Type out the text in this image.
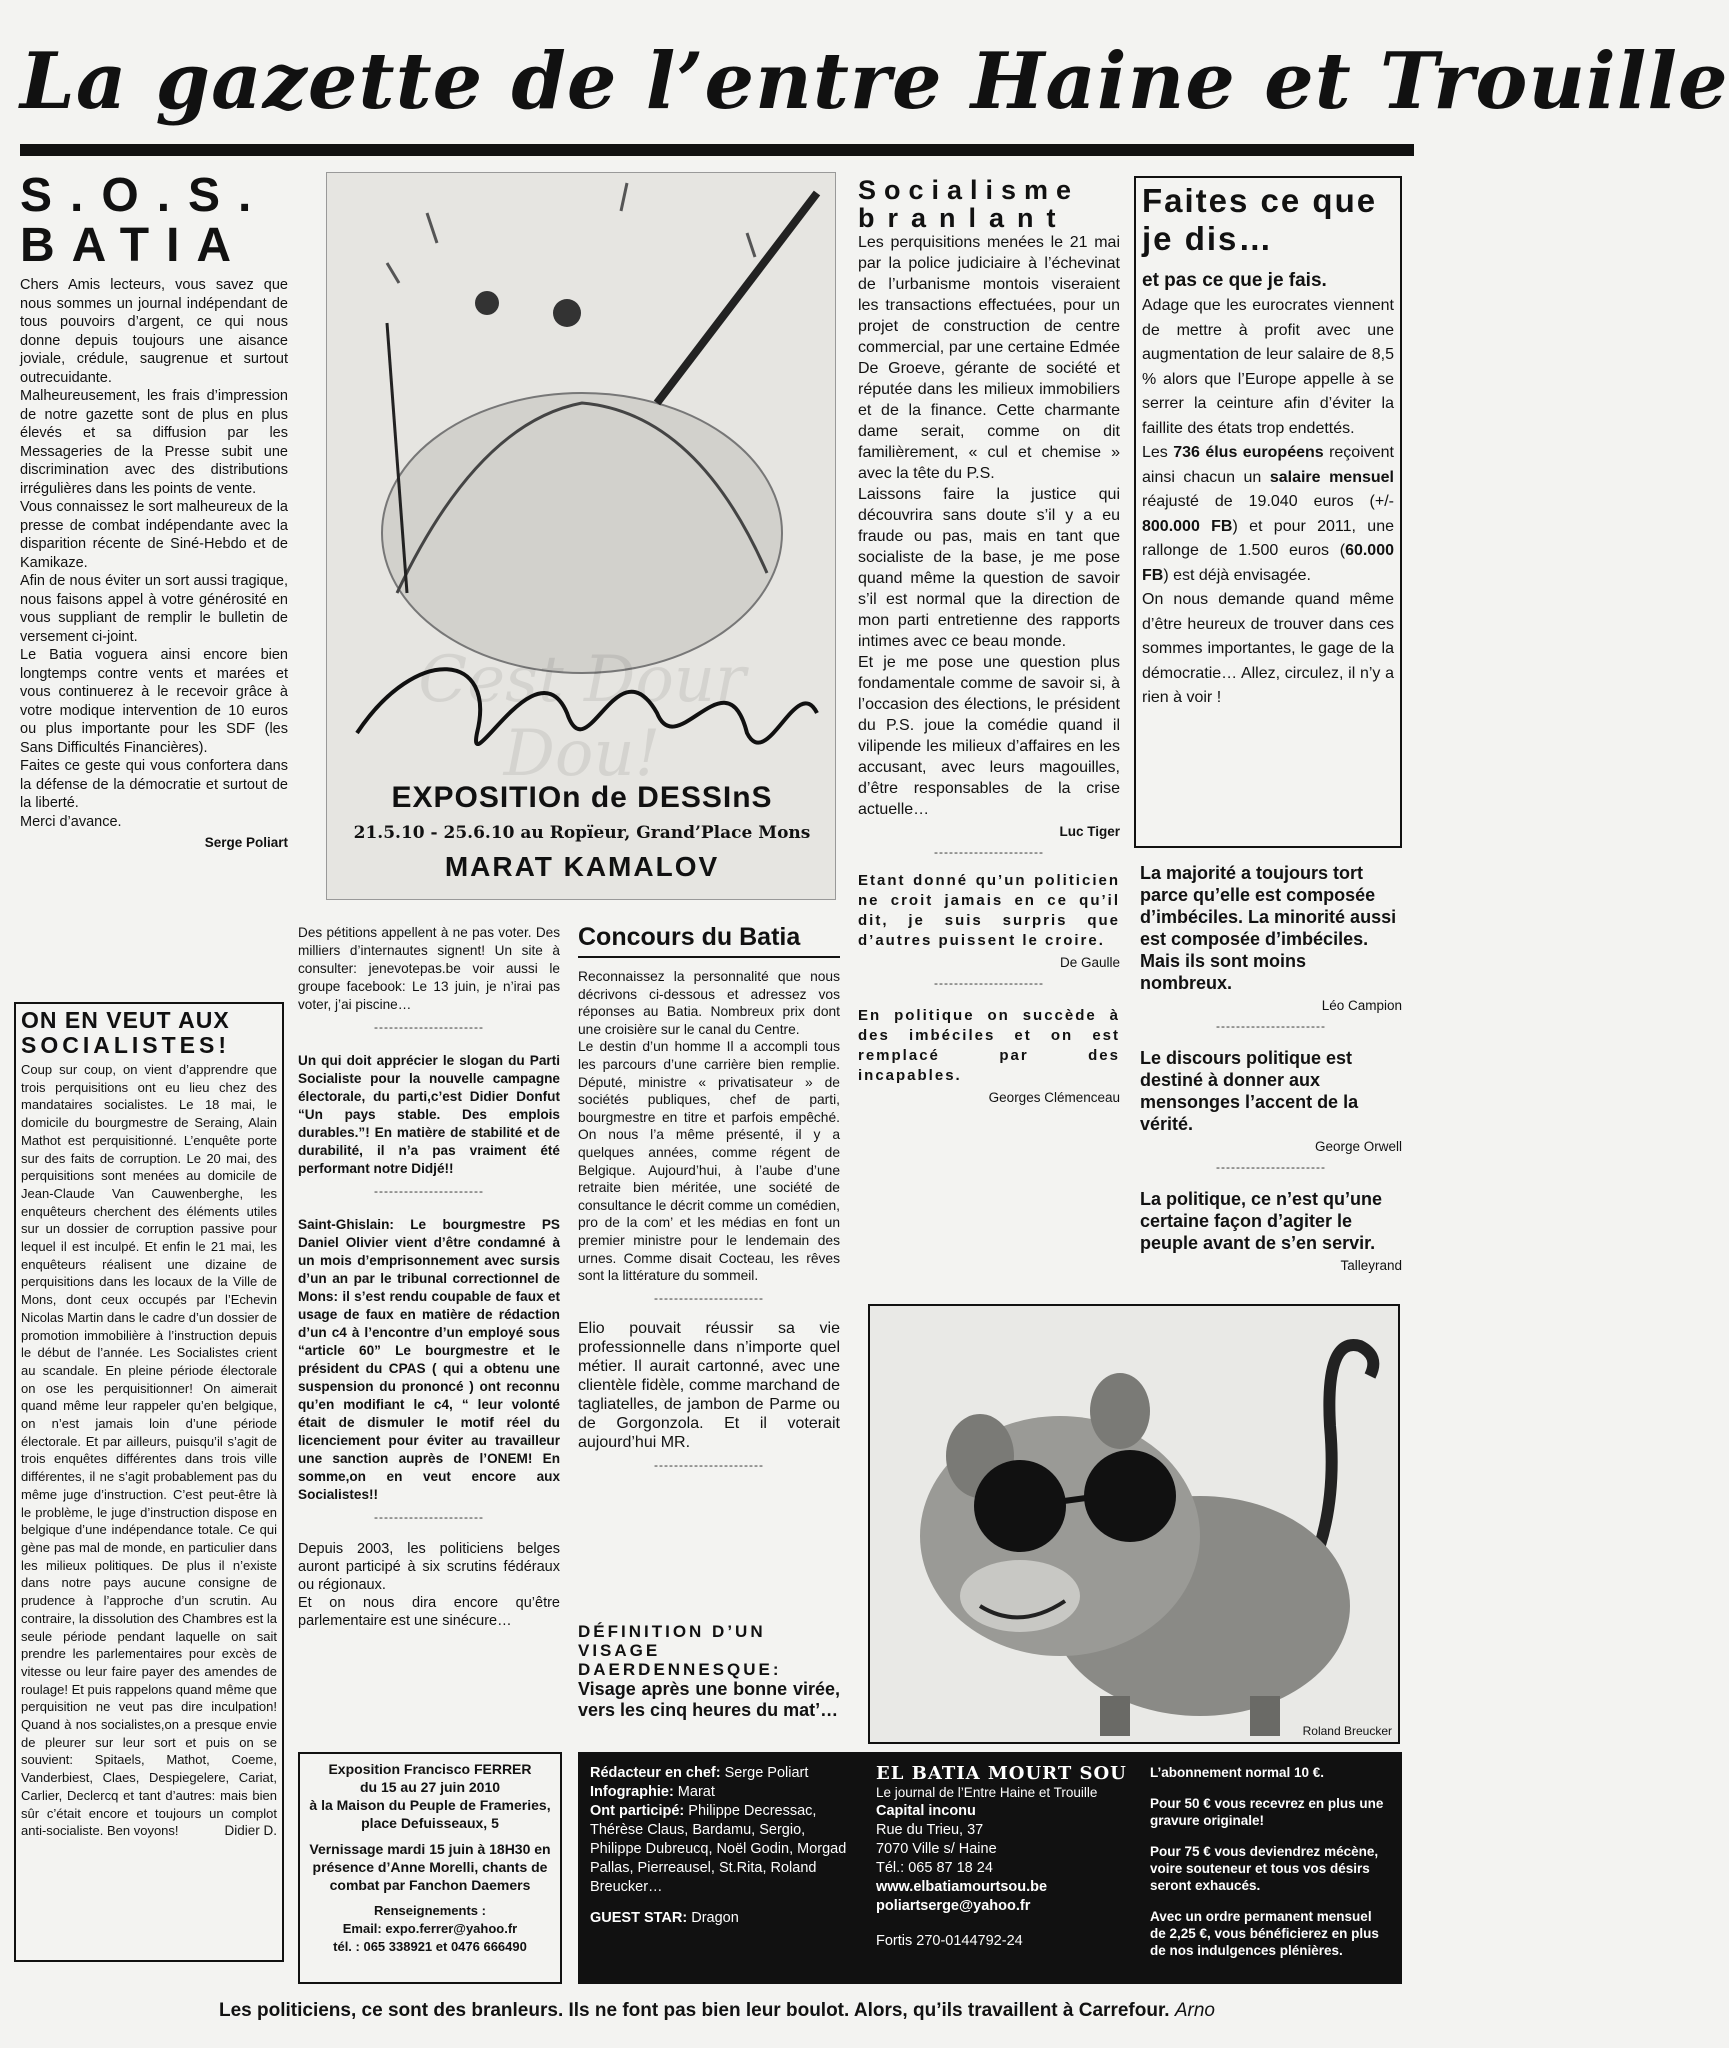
La gazette de l’entre Haine et Trouille
S.O.S.
BATIA

Chers Amis lecteurs, vous savez que nous sommes un journal indépendant de tous pouvoirs d’argent, ce qui nous donne depuis toujours une aisance joviale, crédule, saugrenue et surtout outrecuidante.

Malheureusement, les frais d’impression de notre gazette sont de plus en plus élevés et sa diffusion par les Messageries de la Presse subit une discrimination avec des distributions irrégulières dans les points de vente.

Vous connaissez le sort malheureux de la presse de combat indépendante avec la disparition récente de Siné-Hebdo et de Kamikaze.

Afin de nous éviter un sort aussi tragique, nous faisons appel à votre générosité en vous suppliant de remplir le bulletin de versement ci-joint.

Le Batia voguera ainsi encore bien longtemps contre vents et marées et vous continuerez à le recevoir grâce à votre modique intervention de 10 euros ou plus importante pour les SDF (les Sans Difficultés Financières).

Faites ce geste qui vous confortera dans la défense de la démocratie et surtout de la liberté.

Merci d’avance.

Serge Poliart
ON EN VEUT AUX
SOCIALISTES!

Coup sur coup, on vient d’apprendre que trois perquisitions ont eu lieu chez des mandataires socialistes. Le 18 mai, le domicile du bourgmestre de Seraing, Alain Mathot est perquisitionné. L’enquête porte sur des faits de corruption. Le 20 mai, des perquisitions sont menées au domicile de Jean-Claude Van Cauwenberghe, les enquêteurs cherchent des éléments utiles sur un dossier de corruption passive pour lequel il est inculpé. Et enfin le 21 mai, les enquêteurs réalisent une dizaine de perquisitions dans les locaux de la Ville de Mons, dont ceux occupés par l’Echevin Nicolas Martin dans le cadre d’un dossier de promotion immobilière à l’instruction depuis le début de l’année. Les Socialistes crient au scandale. En pleine période électorale on ose les perquisitionner! On aimerait quand même leur rappeler qu’en belgique, on n’est jamais loin d’une période électorale. Et par ailleurs, puisqu’il s’agit de trois enquêtes différentes dans trois ville différentes, il ne s’agit probablement pas du même juge d’instruction. C’est peut-être là le problème, le juge d’instruction dispose en belgique d’une indépendance totale. Ce qui gène pas mal de monde, en particulier dans les milieux politiques. De plus il n’existe dans notre pays aucune consigne de prudence à l’approche d’un scrutin. Au contraire, la dissolution des Chambres est la seule période pendant laquelle on sait prendre les parlementaires pour excès de vitesse ou leur faire payer des amendes de roulage! Et puis rappelons quand même que perquisition ne veut pas dire inculpation! Quand à nos socialistes,on a presque envie de pleurer sur leur sort et puis on se souvient: Spitaels, Mathot, Coeme, Vanderbiest, Claes, Despiegelere, Cariat, Carlier, Declercq et tant d’autres: mais bien sûr c’était encore et toujours un complot anti-socialiste. Ben voyons!	Didier D.
Cest Dour Dou!
EXPOSITIOn de DESSInS
21.5.10 - 25.6.10 au Ropïeur, Grand’Place Mons
MARAT KAMALOV

Des pétitions appellent à ne pas voter. Des milliers d’internautes signent! Un site à consulter: jenevotepas.be voir aussi le groupe facebook: Le 13 juin, je n’irai pas voter, j’ai piscine…

----------------------

Un qui doit apprécier le slogan du Parti Socialiste pour la nouvelle campagne électorale, du parti,c’est Didier Donfut “Un pays stable. Des emplois durables.”! En matière de stabilité et de durabilité, il n’a pas vraiment été performant notre Didjé!!

----------------------

Saint-Ghislain: Le bourgmestre PS Daniel Olivier vient d’être condamné à un mois d’emprisonnement avec sursis d’un an par le tribunal correctionnel de Mons: il s’est rendu coupable de faux et usage de faux en matière de rédaction d’un c4 à l’encontre d’un employé sous “article 60” Le bourgmestre et le président du CPAS ( qui a obtenu une suspension du prononcé ) ont reconnu qu’en modifiant le c4, “ leur volonté était de dismuler le motif réel du licenciement pour éviter au travailleur une sanction auprès de l’ONEM! En somme,on en veut encore aux Socialistes!!

----------------------

Depuis 2003, les politiciens belges auront participé à six scrutins fédéraux ou régionaux.

Et on nous dira encore qu’être parlementaire est une sinécure…

Exposition Francisco FERRER
du 15 au 27 juin 2010
à la Maison du Peuple de Frameries, place Defuisseaux, 5
Vernissage mardi 15 juin à 18H30 en présence d’Anne Morelli, chants de combat par Fanchon Daemers
Renseignements :
Email: expo.ferrer@yahoo.fr
tél. : 065 338921 et 0476 666490
Concours du Batia

Reconnaissez la personnalité que nous décrivons ci-dessous et adressez vos réponses au Batia. Nombreux prix dont une croisière sur le canal du Centre.

Le destin d’un homme Il a accompli tous les parcours d’une carrière bien remplie. Député, ministre « privatisateur » de sociétés publiques, chef de parti, bourgmestre en titre et parfois empêché. On nous l’a même présenté, il y a quelques années, comme régent de Belgique. Aujourd’hui, à l’aube d’une retraite bien méritée, une société de consultance le décrit comme un comédien, pro de la com’ et les médias en font un premier ministre pour le lendemain des urnes. Comme disait Cocteau, les rêves sont la littérature du sommeil.

----------------------

Elio pouvait réussir sa vie professionnelle dans n’importe quel métier. Il aurait cartonné, avec une clientèle fidèle, comme marchand de tagliatelles, de jambon de Parme ou de Gorgonzola. Et il voterait aujourd’hui MR.

----------------------
DÉFINITION D’UN VISAGE DAERDENNESQUE:
Visage après une bonne virée, vers les cinq heures du mat’…
Socialisme
branlant

Les perquisitions menées le 21 mai par la police judiciaire à l’échevinat de l’urbanisme montois viseraient les transactions effectuées, pour un projet de construction de centre commercial, par une certaine Edmée De Groeve, gérante de société et réputée dans les milieux immobiliers et de la finance. Cette charmante dame serait, comme on dit familièrement, « cul et chemise » avec la tête du P.S.

Laissons faire la justice qui découvrira sans doute s’il y a eu fraude ou pas, mais en tant que socialiste de la base, je me pose quand même la question de savoir s’il est normal que la direction de mon parti entretienne des rapports intimes avec ce beau monde.

Et je me pose une question plus fondamentale comme de savoir si, à l’occasion des élections, le président du P.S. joue la comédie quand il vilipende les milieux d’affaires en les accusant, avec leurs magouilles, d’être responsables de la crise actuelle…

Luc Tiger
----------------------
Etant donné qu’un politicien ne croit jamais en ce qu’il dit, je suis surpris que d’autres puissent le croire.
De Gaulle
----------------------
En politique on succède à des imbéciles et on est remplacé par des incapables.
Georges Clémenceau
Faites ce que je dis…
et pas ce que je fais.

Adage que les eurocrates viennent de mettre à profit avec une augmentation de leur salaire de 8,5 % alors que l’Europe appelle à se serrer la ceinture afin d’éviter la faillite des états trop endettés.

Les 736 élus européens reçoivent ainsi chacun un salaire mensuel réajusté de 19.040 euros (+/- 800.000 FB) et pour 2011, une rallonge de 1.500 euros (60.000 FB) est déjà envisagée.

On nous demande quand même d’être heureux de trouver dans ces sommes importantes, le gage de la démocratie… Allez, circulez, il n’y a rien à voir !

La majorité a toujours tort parce qu’elle est composée d’imbéciles. La minorité aussi est composée d’imbéciles. Mais ils sont moins nombreux.
Léo Campion
----------------------
Le discours politique est destiné à donner aux mensonges l’accent de la vérité.
George Orwell
----------------------
La politique, ce n’est qu’une certaine façon d’agiter le peuple avant de s’en servir.
Talleyrand
Roland Breucker
Rédacteur en chef: Serge Poliart
Infographie: Marat
Ont participé: Philippe Decressac, Thérèse Claus, Bardamu, Sergio, Philippe Dubreucq, Noël Godin, Morgad Pallas, Pierreausel, St.Rita, Roland Breucker…
GUEST STAR: Dragon
EL BATIA MOURT SOU
Le journal de l’Entre Haine et Trouille
Capital inconu
Rue du Trieu, 37
7070 Ville s/ Haine
Tél.: 065 87 18 24
www.elbatiamourtsou.be
poliartserge@yahoo.fr
Fortis 270-0144792-24
L’abonnement normal 10 €.
Pour 50 € vous recevrez en plus une gravure originale!
Pour 75 € vous deviendrez mécène, voire souteneur et tous vos désirs seront exhaucés.
Avec un ordre permanent mensuel de 2,25 €, vous bénéficierez en plus de nos indulgences plénières.
Les politiciens, ce sont des branleurs. Ils ne font pas bien leur boulot. Alors, qu’ils travaillent à Carrefour. Arno
